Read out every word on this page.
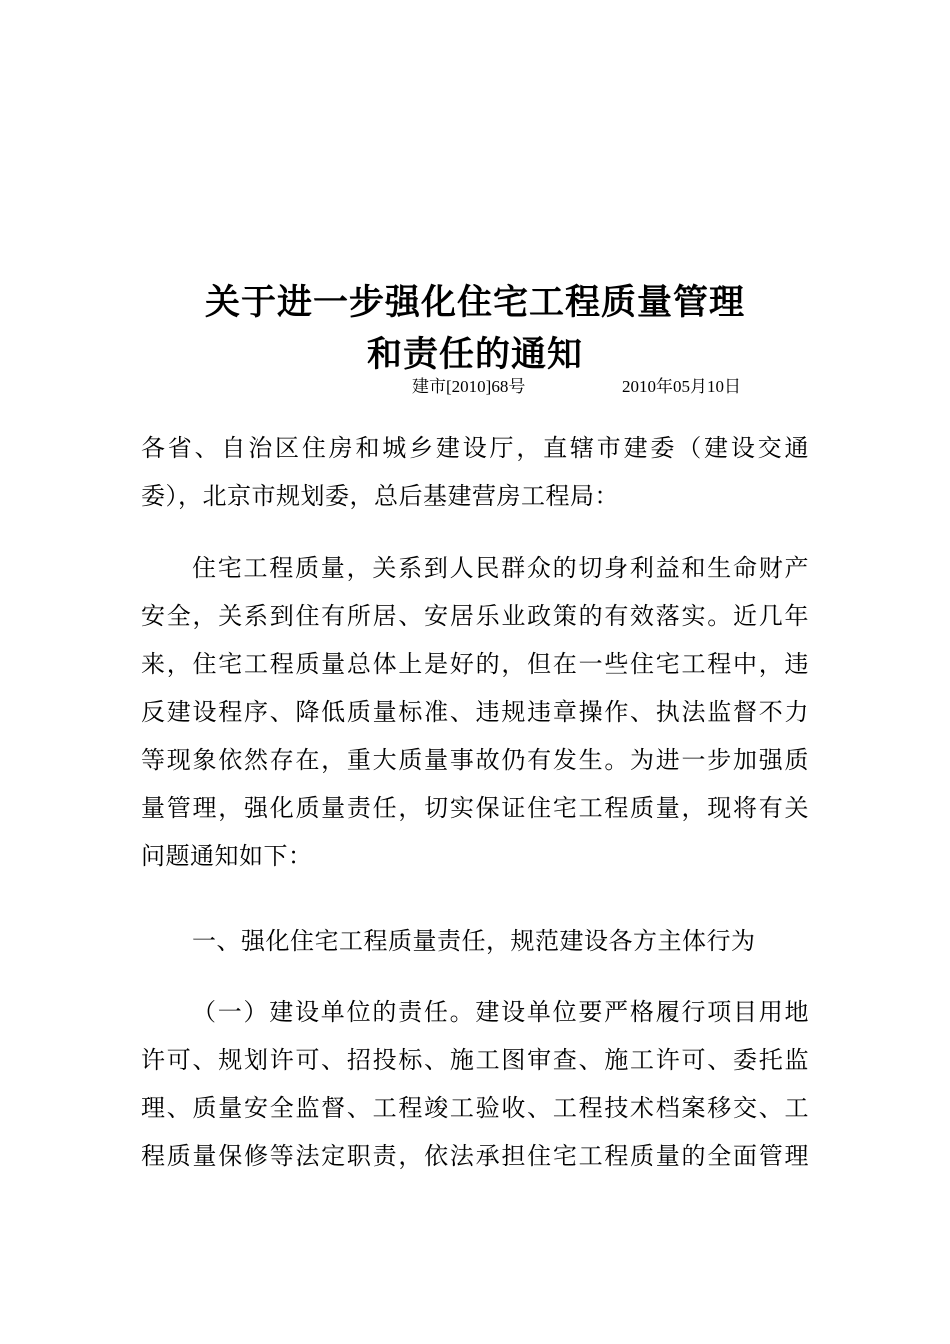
关于进一步强化住宅工程质量管理
和责任的通知
建市[2010]68号	2010年05月10日
各省、自治区住房和城乡建设厅，直辖市建委（建设交通
委），北京市规划委，总后基建营房工程局：
住宅工程质量，关系到人民群众的切身利益和生命财产
安全，关系到住有所居、安居乐业政策的有效落实。近几年
来，住宅工程质量总体上是好的，但在一些住宅工程中，违
反建设程序、降低质量标准、违规违章操作、执法监督不力
等现象依然存在，重大质量事故仍有发生。为进一步加强质
量管理，强化质量责任，切实保证住宅工程质量，现将有关
问题通知如下：
一、强化住宅工程质量责任，规范建设各方主体行为
（一）建设单位的责任。建设单位要严格履行项目用地
许可、规划许可、招投标、施工图审查、施工许可、委托监
理、质量安全监督、工程竣工验收、工程技术档案移交、工
程质量保修等法定职责，依法承担住宅工程质量的全面管理
